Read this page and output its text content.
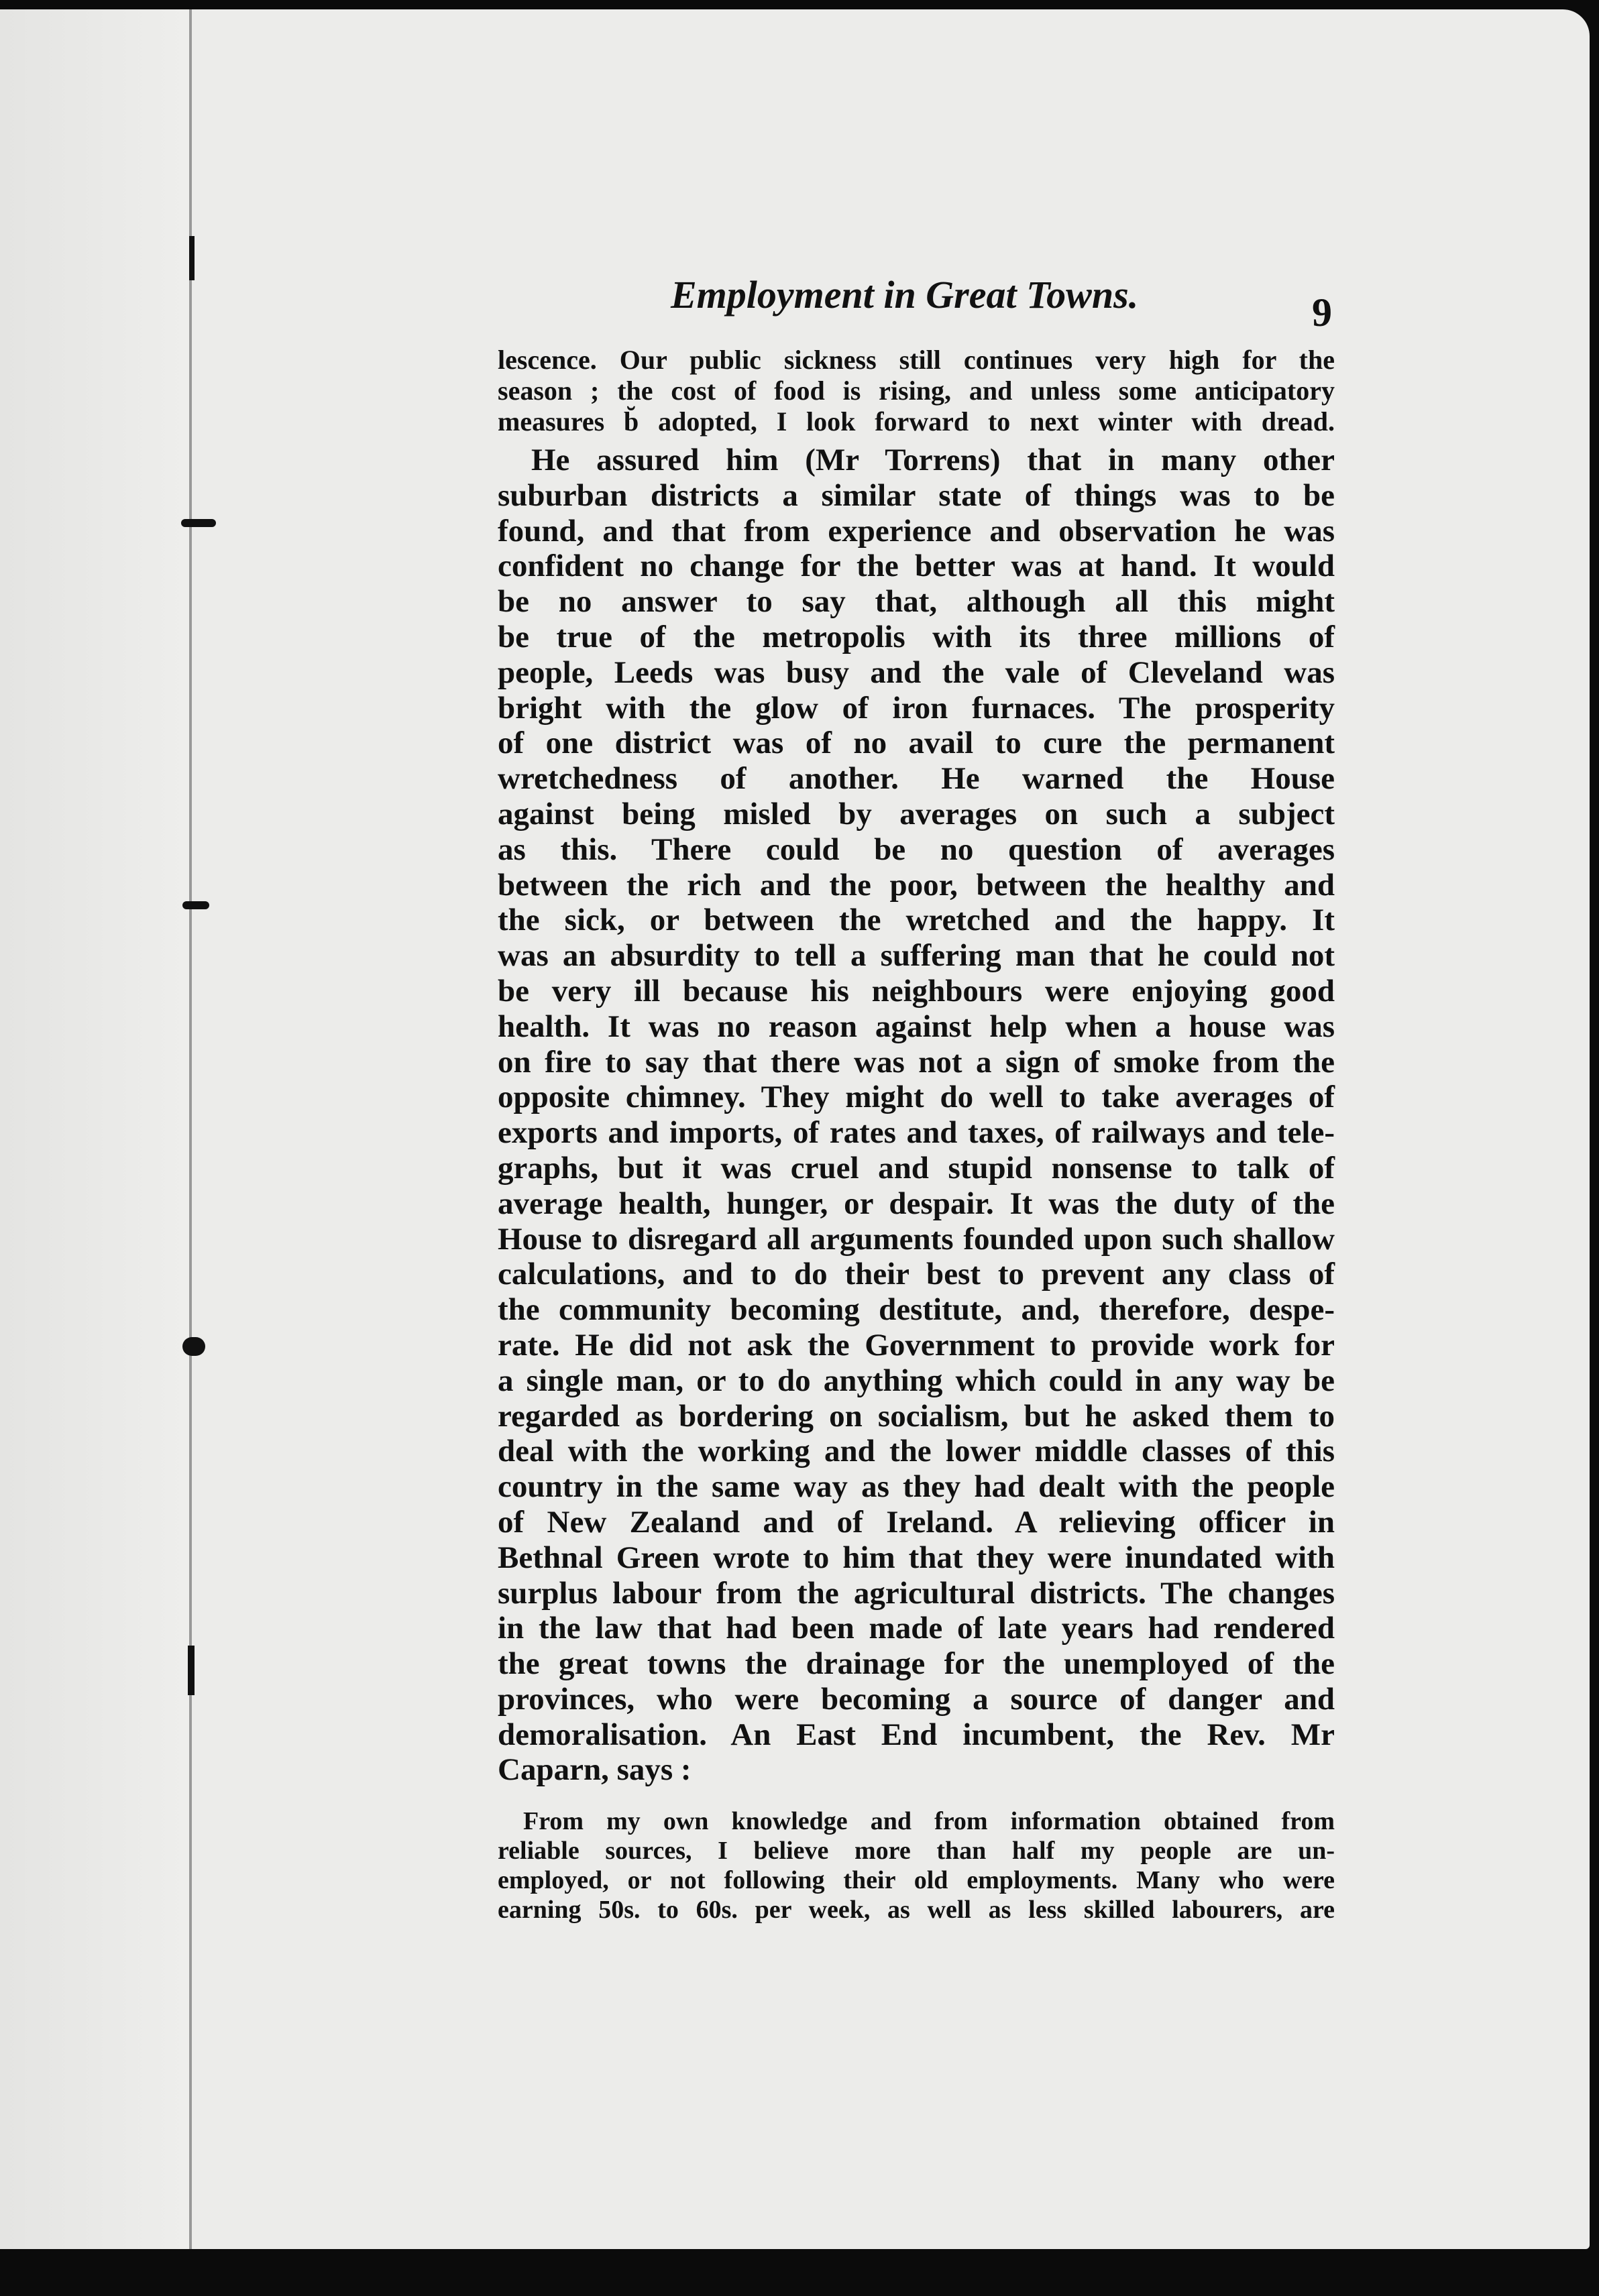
Employment in Great Towns.	9
lescence. Our public sickness still continues very high for the
season ; the cost of food is rising, and unless some anticipatory
measures b̆ adopted, I look forward to next winter with dread.
He assured him (Mr Torrens) that in many other
suburban districts a similar state of things was to be
found, and that from experience and observation he was
confident no change for the better was at hand. It would
be no answer to say that, although all this might
be true of the metropolis with its three millions of
people, Leeds was busy and the vale of Cleveland was
bright with the glow of iron furnaces. The prosperity
of one district was of no avail to cure the permanent
wretchedness of another. He warned the House
against being misled by averages on such a subject
as this. There could be no question of averages
between the rich and the poor, between the healthy and
the sick, or between the wretched and the happy. It
was an absurdity to tell a suffering man that he could not
be very ill because his neighbours were enjoying good
health. It was no reason against help when a house was
on fire to say that there was not a sign of smoke from the
opposite chimney. They might do well to take averages of
exports and imports, of rates and taxes, of railways and tele-
graphs, but it was cruel and stupid nonsense to talk of
average health, hunger, or despair. It was the duty of the
House to disregard all arguments founded upon such shallow
calculations, and to do their best to prevent any class of
the community becoming destitute, and, therefore, despe-
rate. He did not ask the Government to provide work for
a single man, or to do anything which could in any way be
regarded as bordering on socialism, but he asked them to
deal with the working and the lower middle classes of this
country in the same way as they had dealt with the people
of New Zealand and of Ireland. A relieving officer in
Bethnal Green wrote to him that they were inundated with
surplus labour from the agricultural districts. The changes
in the law that had been made of late years had rendered
the great towns the drainage for the unemployed of the
provinces, who were becoming a source of danger and
demoralisation. An East End incumbent, the Rev. Mr
Caparn, says :
From my own knowledge and from information obtained from
reliable sources, I believe more than half my people are un-
employed, or not following their old employments. Many who were
earning 50s. to 60s. per week, as well as less skilled labourers, are
